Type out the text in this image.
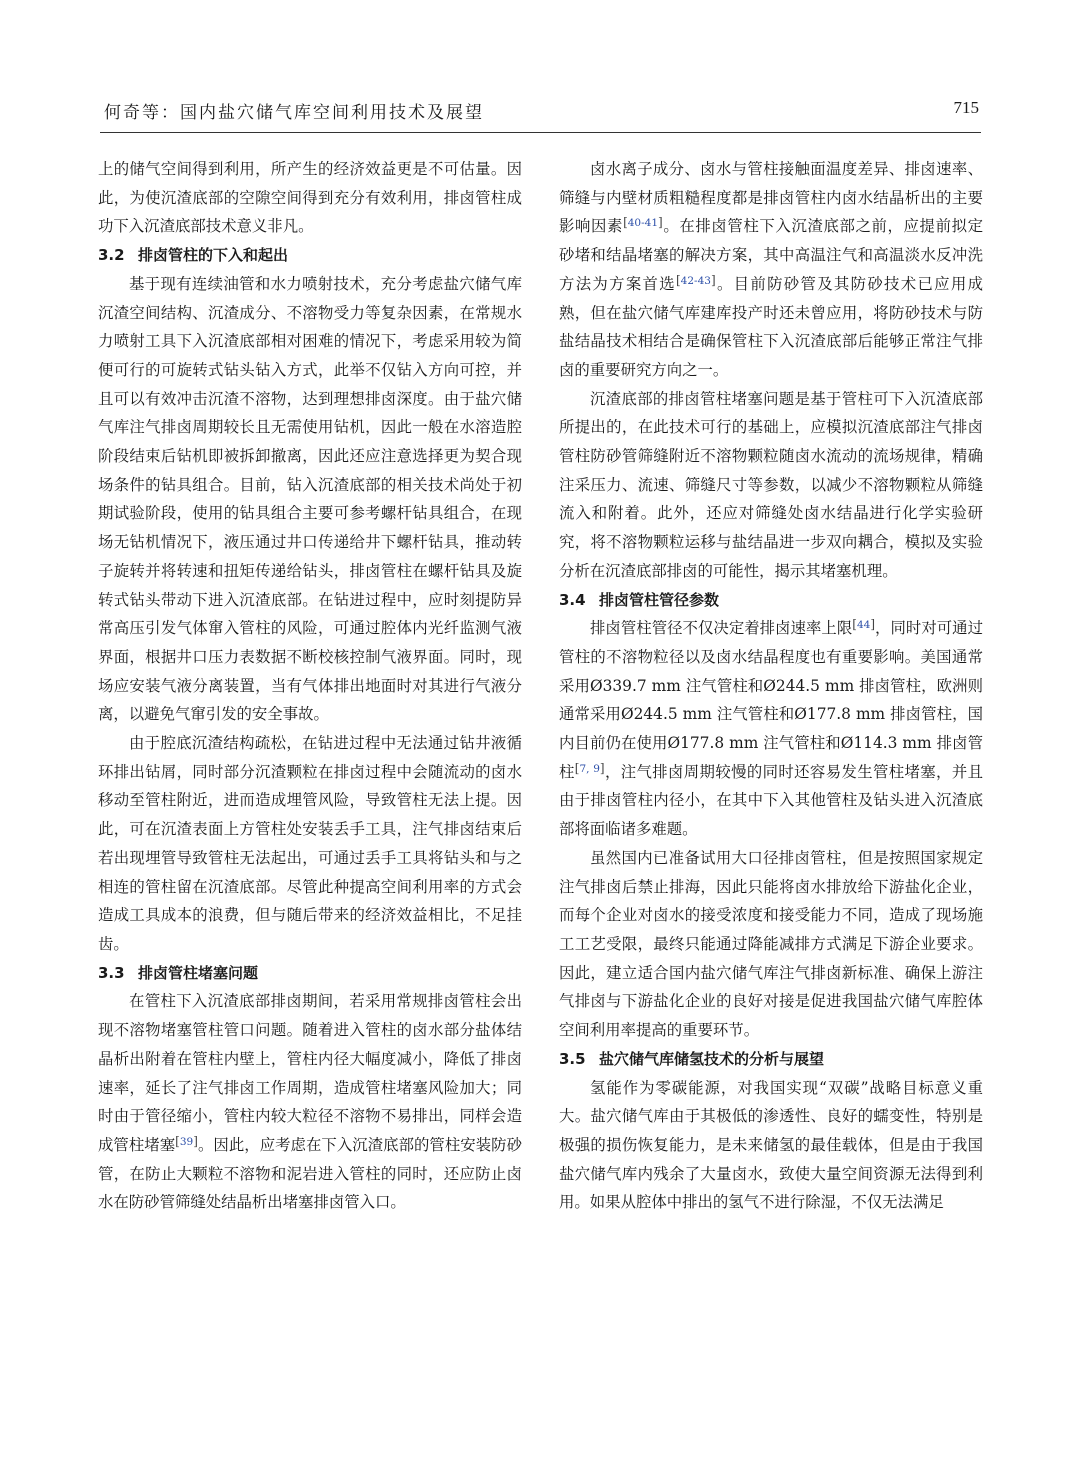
何奇等：国内盐穴储气库空间利用技术及展望	715

上的储气空间得到利用，所产生的经济效益更是不可估量。因此，为使沉渣底部的空隙空间得到充分有效利用，排卤管柱成功下入沉渣底部技术意义非凡。

3.2 排卤管柱的下入和起出

基于现有连续油管和水力喷射技术，充分考虑盐穴储气库沉渣空间结构、沉渣成分、不溶物受力等复杂因素，在常规水力喷射工具下入沉渣底部相对困难的情况下，考虑采用较为简便可行的可旋转式钻头钻入方式，此举不仅钻入方向可控，并且可以有效冲击沉渣不溶物，达到理想排卤深度。由于盐穴储气库注气排卤周期较长且无需使用钻机，因此一般在水溶造腔阶段结束后钻机即被拆卸撤离，因此还应注意选择更为契合现场条件的钻具组合。目前，钻入沉渣底部的相关技术尚处于初期试验阶段，使用的钻具组合主要可参考螺杆钻具组合，在现场无钻机情况下，液压通过井口传递给井下螺杆钻具，推动转子旋转并将转速和扭矩传递给钻头，排卤管柱在螺杆钻具及旋转式钻头带动下进入沉渣底部。在钻进过程中，应时刻提防异常高压引发气体窜入管柱的风险，可通过腔体内光纤监测气液界面，根据井口压力表数据不断校核控制气液界面。同时，现场应安装气液分离装置，当有气体排出地面时对其进行气液分离，以避免气窜引发的安全事故。

由于腔底沉渣结构疏松，在钻进过程中无法通过钻井液循环排出钻屑，同时部分沉渣颗粒在排卤过程中会随流动的卤水移动至管柱附近，进而造成埋管风险，导致管柱无法上提。因此，可在沉渣表面上方管柱处安装丢手工具，注气排卤结束后若出现埋管导致管柱无法起出，可通过丢手工具将钻头和与之相连的管柱留在沉渣底部。尽管此种提高空间利用率的方式会造成工具成本的浪费，但与随后带来的经济效益相比，不足挂齿。

3.3 排卤管柱堵塞问题

在管柱下入沉渣底部排卤期间，若采用常规排卤管柱会出现不溶物堵塞管柱管口问题。随着进入管柱的卤水部分盐体结晶析出附着在管柱内壁上，管柱内径大幅度减小，降低了排卤速率，延长了注气排卤工作周期，造成管柱堵塞风险加大；同时由于管径缩小，管柱内较大粒径不溶物不易排出，同样会造成管柱堵塞[39]。因此，应考虑在下入沉渣底部的管柱安装防砂管，在防止大颗粒不溶物和泥岩进入管柱的同时，还应防止卤水在防砂管筛缝处结晶析出堵塞排卤管入口。

卤水离子成分、卤水与管柱接触面温度差异、排卤速率、筛缝与内壁材质粗糙程度都是排卤管柱内卤水结晶析出的主要影响因素[40-41]。在排卤管柱下入沉渣底部之前，应提前拟定砂堵和结晶堵塞的解决方案，其中高温注气和高温淡水反冲洗方法为方案首选[42-43]。目前防砂管及其防砂技术已应用成熟，但在盐穴储气库建库投产时还未曾应用，将防砂技术与防盐结晶技术相结合是确保管柱下入沉渣底部后能够正常注气排卤的重要研究方向之一。

沉渣底部的排卤管柱堵塞问题是基于管柱可下入沉渣底部所提出的，在此技术可行的基础上，应模拟沉渣底部注气排卤管柱防砂管筛缝附近不溶物颗粒随卤水流动的流场规律，精确注采压力、流速、筛缝尺寸等参数，以减少不溶物颗粒从筛缝流入和附着。此外，还应对筛缝处卤水结晶进行化学实验研究，将不溶物颗粒运移与盐结晶进一步双向耦合，模拟及实验分析在沉渣底部排卤的可能性，揭示其堵塞机理。

3.4 排卤管柱管径参数

排卤管柱管径不仅决定着排卤速率上限[44]，同时对可通过管柱的不溶物粒径以及卤水结晶程度也有重要影响。美国通常采用Ø339.7 mm 注气管柱和Ø244.5 mm 排卤管柱，欧洲则通常采用Ø244.5 mm 注气管柱和Ø177.8 mm 排卤管柱，国内目前仍在使用Ø177.8 mm 注气管柱和Ø114.3 mm 排卤管柱[7, 9]，注气排卤周期较慢的同时还容易发生管柱堵塞，并且由于排卤管柱内径小，在其中下入其他管柱及钻头进入沉渣底部将面临诸多难题。

虽然国内已准备试用大口径排卤管柱，但是按照国家规定注气排卤后禁止排海，因此只能将卤水排放给下游盐化企业，而每个企业对卤水的接受浓度和接受能力不同，造成了现场施工工艺受限，最终只能通过降能减排方式满足下游企业要求。因此，建立适合国内盐穴储气库注气排卤新标准、确保上游注气排卤与下游盐化企业的良好对接是促进我国盐穴储气库腔体空间利用率提高的重要环节。

3.5 盐穴储气库储氢技术的分析与展望

氢能作为零碳能源，对我国实现“双碳”战略目标意义重大。盐穴储气库由于其极低的渗透性、良好的蠕变性，特别是极强的损伤恢复能力，是未来储氢的最佳载体，但是由于我国盐穴储气库内残余了大量卤水，致使大量空间资源无法得到利用。如果从腔体中排出的氢气不进行除湿，不仅无法满足
